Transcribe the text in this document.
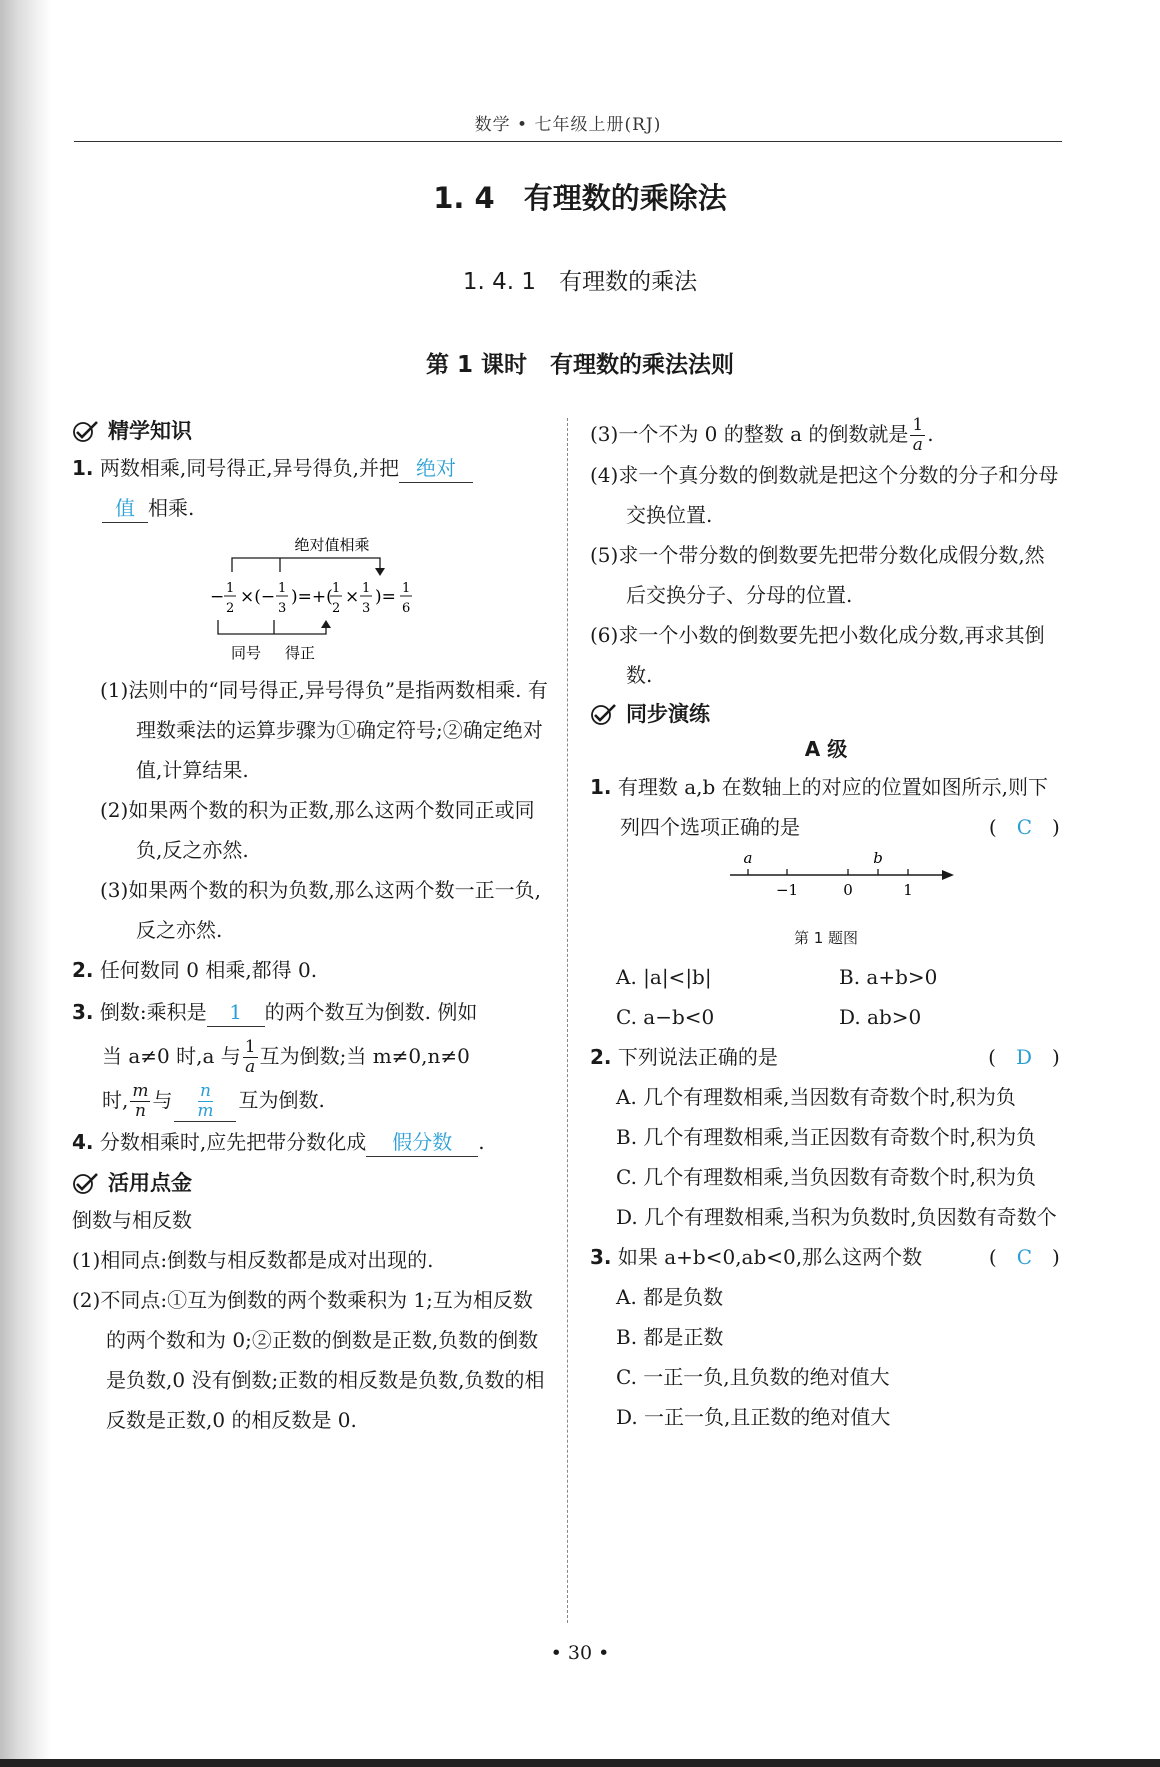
数学 • 七年级上册(RJ)
1. 4　有理数的乘除法
1. 4. 1　有理数的乘法
第 1 课时　有理数的乘法法则
精学知识
1. 两数相乘,同号得正,异号得负,并把 绝对
值 相乘.
绝对值相乘
− 1
2
×(− 1
3
)=+( 1
2
× 1
3
)= 1
6
同号 得正
(1)法则中的“同号得正,异号得负”是指两数相乘. 有理数乘法的运算步骤为①确定符号;②确定绝对值,计算结果.
(2)如果两个数的积为正数,那么这两个数同正或同负,反之亦然.
(3)如果两个数的积为负数,那么这两个数一正一负,反之亦然.
2. 任何数同 0 相乘,都得 0.
3. 倒数:乘积是 1 的两个数互为倒数. 例如
当 a≠0 时,a 与 $\frac{1}{a}$ 互为倒数;当 m≠0,n≠0
时, $\frac{m}{n}$ 与 $\frac{n}{m}$ 互为倒数.
4. 分数相乘时,应先把带分数化成 假分数 .
活用点金
倒数与相反数
(1)相同点:倒数与相反数都是成对出现的.
(2)不同点:①互为倒数的两个数乘积为 1;互为相反数的两个数和为 0;②正数的倒数是正数,负数的倒数是负数,0 没有倒数;正数的相反数是负数,负数的相反数是正数,0 的相反数是 0.
(3)一个不为 0 的整数 a 的倒数就是 $\frac{1}{a}$ .
(4)求一个真分数的倒数就是把这个分数的分子和分母交换位置.
(5)求一个带分数的倒数要先把带分数化成假分数,然后交换分子、分母的位置.
(6)求一个小数的倒数要先把小数化成分数,再求其倒数.
同步演练
A 级
1. 有理数 a,b 在数轴上的对应的位置如图所示,则下列四个选项正确的是	(　C　)
a	b
−1	0	1
第 1 题图
A. |a|<|b|	B. a+b>0
C. a−b<0	D. ab>0
2. 下列说法正确的是	(　D　)
A. 几个有理数相乘,当因数有奇数个时,积为负
B. 几个有理数相乘,当正因数有奇数个时,积为负
C. 几个有理数相乘,当负因数有奇数个时,积为负
D. 几个有理数相乘,当积为负数时,负因数有奇数个
3. 如果 a+b<0,ab<0,那么这两个数	(　C　)
A. 都是负数
B. 都是正数
C. 一正一负,且负数的绝对值大
D. 一正一负,且正数的绝对值大
• 30 •
